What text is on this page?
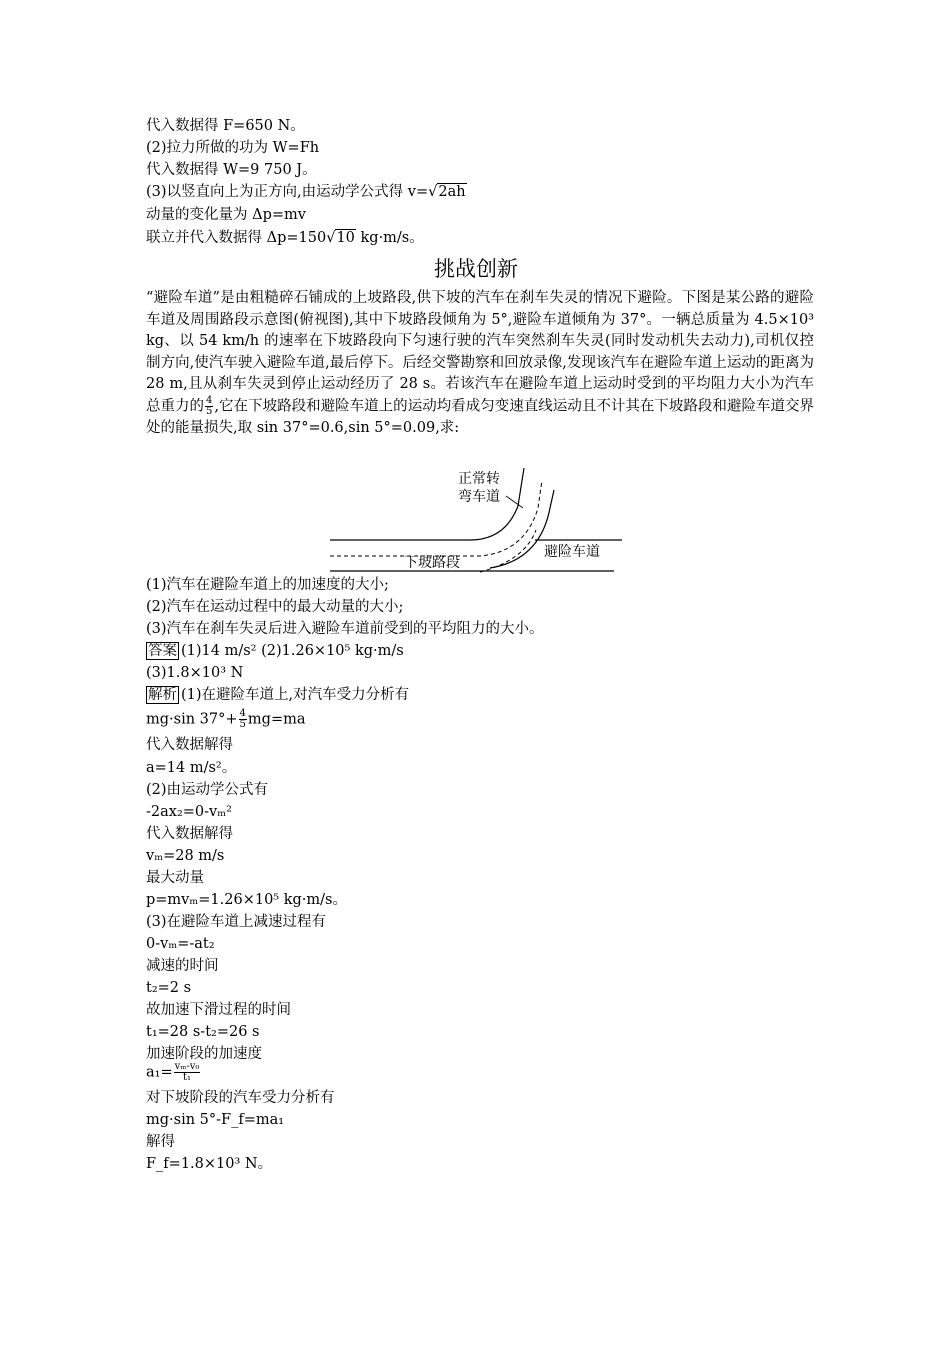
代入数据得 F=650 N。
(2)拉力所做的功为 W=Fh
代入数据得 W=9 750 J。
(3)以竖直向上为正方向,由运动学公式得 v=√2ah
动量的变化量为 Δp=mv
联立并代入数据得 Δp=150√10 kg·m/s。
挑战创新
“避险车道”是由粗糙碎石铺成的上坡路段,供下坡的汽车在刹车失灵的情况下避险。下图是某公路的避险车道及周围路段示意图(俯视图),其中下坡路段倾角为 5°,避险车道倾角为 37°。一辆总质量为 4.5×10³ kg、以 54 km/h 的速率在下坡路段向下匀速行驶的汽车突然刹车失灵(同时发动机失去动力),司机仅控制方向,使汽车驶入避险车道,最后停下。后经交警勘察和回放录像,发现该汽车在避险车道上运动的距离为 28 m,且从刹车失灵到停止运动经历了 28 s。若该汽车在避险车道上运动时受到的平均阻力大小为汽车总重力的 $\frac{4}{5}$ ,它在下坡路段和避险车道上的运动均看成匀变速直线运动且不计其在下坡路段和避险车道交界处的能量损失,取 sin 37°=0.6,sin 5°=0.09,求:
正常转
弯车道
避险车道
下坡路段
(1)汽车在避险车道上的加速度的大小;
(2)汽车在运动过程中的最大动量的大小;
(3)汽车在刹车失灵后进入避险车道前受到的平均阻力的大小。
答案 (1)14 m/s² (2)1.26×10⁵ kg·m/s
(3)1.8×10³ N
解析 (1)在避险车道上,对汽车受力分析有
mg·sin $37^\circ+ \frac{4}{5} mg=ma$
代入数据解得
a=14 m/s²。
(2)由运动学公式有
-2ax₂=0-vₘ²
代入数据解得
vₘ=28 m/s
最大动量
p=mvₘ=1.26×10⁵ kg·m/s。
(3)在避险车道上减速过程有
0-vₘ=-at₂
减速的时间
t₂=2 s
故加速下滑过程的时间
t₁=28 s-t₂=26 s
加速阶段的加速度
$a_1= \frac{\text{vₘ-v₀}}{\text{t₁}}$
对下坡阶段的汽车受力分析有
mg·sin 5°-F_f=ma₁
解得
F_f=1.8×10³ N。
